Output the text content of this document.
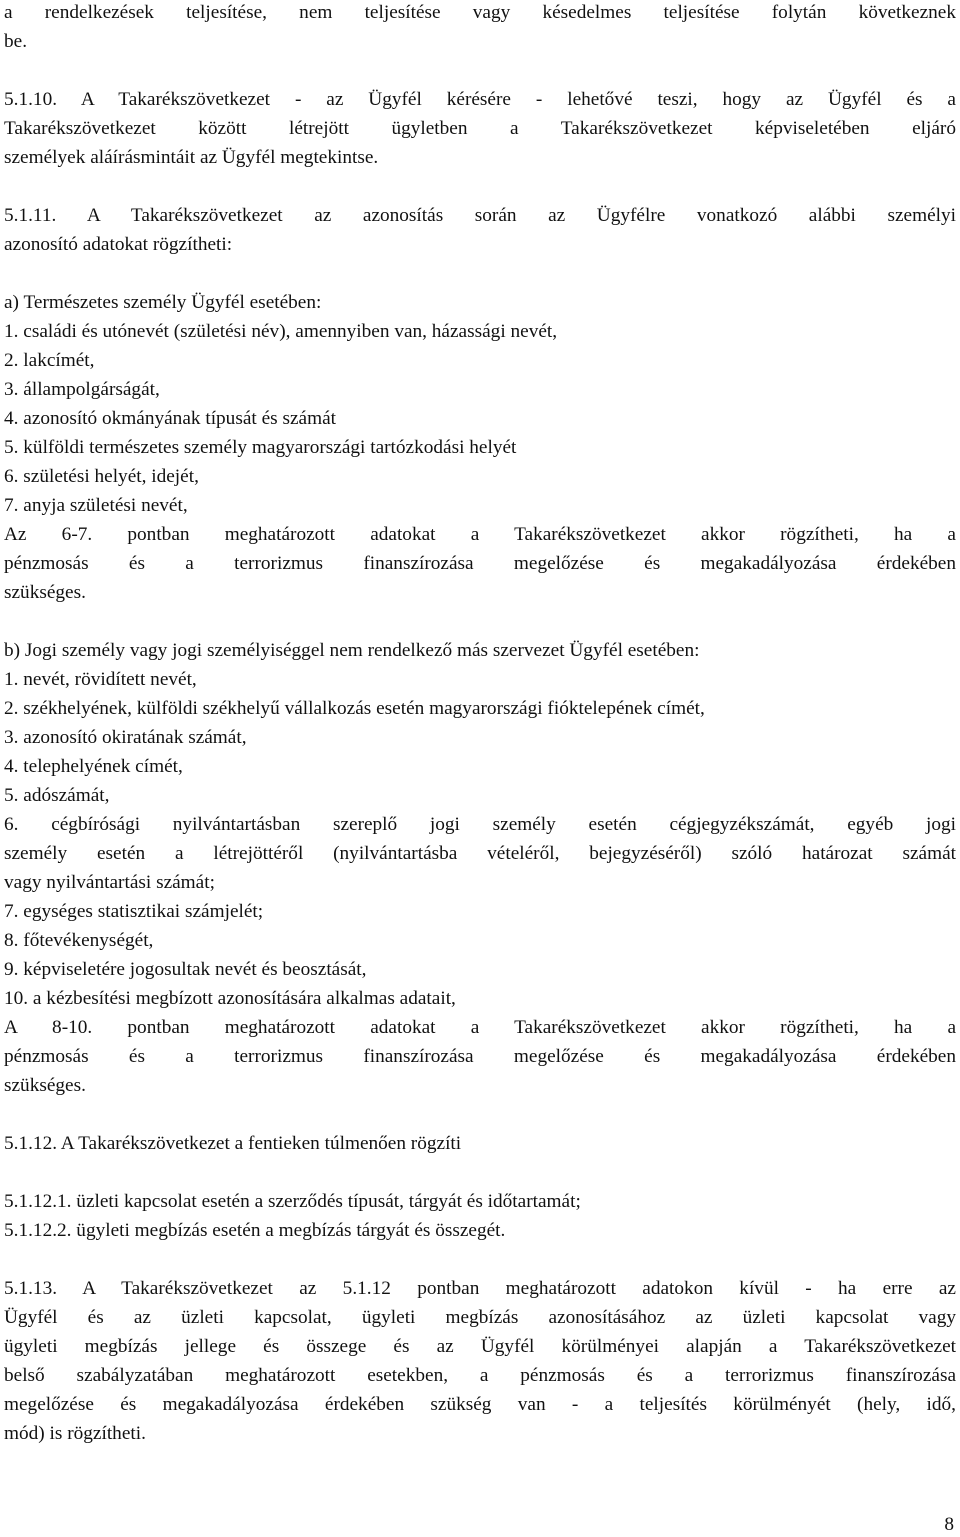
a rendelkezések teljesítése, nem teljesítése vagy késedelmes teljesítése folytán következnek
be.
5.1.10. A Takarékszövetkezet - az Ügyfél kérésére - lehetővé teszi, hogy az Ügyfél és a
Takarékszövetkezet között létrejött ügyletben a Takarékszövetkezet képviseletében eljáró
személyek aláírásmintáit az Ügyfél megtekintse.
5.1.11. A Takarékszövetkezet az azonosítás során az Ügyfélre vonatkozó alábbi személyi
azonosító adatokat rögzítheti:
a) Természetes személy Ügyfél esetében:
1. családi és utónevét (születési név), amennyiben van, házassági nevét,
2. lakcímét,
3. állampolgárságát,
4. azonosító okmányának típusát és számát
5. külföldi természetes személy magyarországi tartózkodási helyét
6. születési helyét, idejét,
7. anyja születési nevét,
Az 6-7. pontban meghatározott adatokat a Takarékszövetkezet akkor rögzítheti, ha a
pénzmosás és a terrorizmus finanszírozása megelőzése és megakadályozása érdekében
szükséges.
b) Jogi személy vagy jogi személyiséggel nem rendelkező más szervezet Ügyfél esetében:
1. nevét, rövidített nevét,
2. székhelyének, külföldi székhelyű vállalkozás esetén magyarországi fióktelepének címét,
3. azonosító okiratának számát,
4. telephelyének címét,
5. adószámát,
6. cégbírósági nyilvántartásban szereplő jogi személy esetén cégjegyzékszámát, egyéb jogi
személy esetén a létrejöttéről (nyilvántartásba vételéről, bejegyzéséről) szóló határozat számát
vagy nyilvántartási számát;
7. egységes statisztikai számjelét;
8. főtevékenységét,
9. képviseletére jogosultak nevét és beosztását,
10. a kézbesítési megbízott azonosítására alkalmas adatait,
A 8-10. pontban meghatározott adatokat a Takarékszövetkezet akkor rögzítheti, ha a
pénzmosás és a terrorizmus finanszírozása megelőzése és megakadályozása érdekében
szükséges.
5.1.12. A Takarékszövetkezet a fentieken túlmenően rögzíti
5.1.12.1. üzleti kapcsolat esetén a szerződés típusát, tárgyát és időtartamát;
5.1.12.2. ügyleti megbízás esetén a megbízás tárgyát és összegét.
5.1.13. A Takarékszövetkezet az 5.1.12 pontban meghatározott adatokon kívül - ha erre az
Ügyfél és az üzleti kapcsolat, ügyleti megbízás azonosításához az üzleti kapcsolat vagy
ügyleti megbízás jellege és összege és az Ügyfél körülményei alapján a Takarékszövetkezet
belső szabályzatában meghatározott esetekben, a pénzmosás és a terrorizmus finanszírozása
megelőzése és megakadályozása érdekében szükség van - a teljesítés körülményét (hely, idő,
mód) is rögzítheti.
8
